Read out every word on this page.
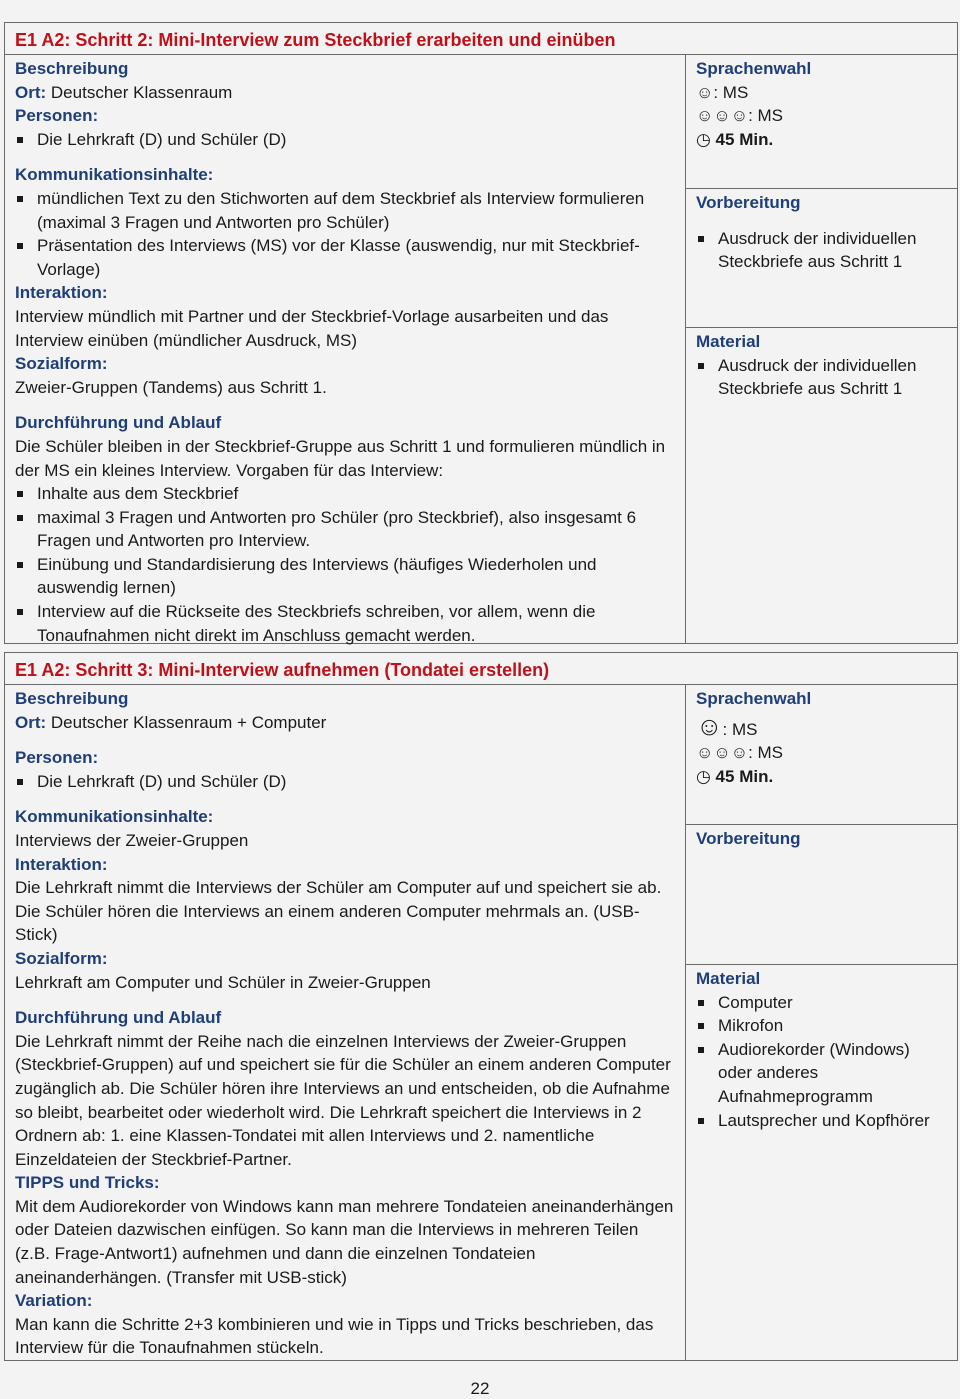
E1 A2: Schritt 2: Mini-Interview zum Steckbrief erarbeiten und einüben
Beschreibung
Ort: Deutscher Klassenraum
Personen:
Die Lehrkraft (D) und Schüler (D)
Kommunikationsinhalte:
mündlichen Text zu den Stichworten auf dem Steckbrief als Interview formulieren (maximal 3 Fragen und Antworten pro Schüler)
Präsentation des Interviews (MS) vor der Klasse (auswendig, nur mit Steckbrief-Vorlage)
Interaktion:
Interview mündlich mit Partner und der Steckbrief-Vorlage ausarbeiten und das Interview einüben (mündlicher Ausdruck, MS)
Sozialform:
Zweier-Gruppen (Tandems) aus Schritt 1.
Durchführung und Ablauf
Die Schüler bleiben in der Steckbrief-Gruppe aus Schritt 1 und formulieren mündlich in der MS ein kleines Interview. Vorgaben für das Interview:
Inhalte aus dem Steckbrief
maximal 3 Fragen und Antworten pro Schüler (pro Steckbrief), also insgesamt 6 Fragen und Antworten pro Interview.
Einübung und Standardisierung des Interviews (häufiges Wiederholen und auswendig lernen)
Interview auf die Rückseite des Steckbriefs schreiben, vor allem, wenn die Tonaufnahmen nicht direkt im Anschluss gemacht werden.
Sprachenwahl
☺: MS
☺☺☺: MS
◷ 45 Min.
Vorbereitung
Ausdruck der individuellen Steckbriefe aus Schritt 1
Material
Ausdruck der individuellen Steckbriefe aus Schritt 1
E1 A2: Schritt 3: Mini-Interview aufnehmen (Tondatei erstellen)
Beschreibung
Ort: Deutscher Klassenraum + Computer
Personen:
Die Lehrkraft (D) und Schüler (D)
Kommunikationsinhalte:
Interviews der Zweier-Gruppen
Interaktion:
Die Lehrkraft nimmt die Interviews der Schüler am Computer auf und speichert sie ab. Die Schüler hören die Interviews an einem anderen Computer mehrmals an. (USB-Stick)
Sozialform:
Lehrkraft am Computer und Schüler in Zweier-Gruppen
Durchführung und Ablauf
Die Lehrkraft nimmt der Reihe nach die einzelnen Interviews der Zweier-Gruppen (Steckbrief-Gruppen) auf und speichert sie für die Schüler an einem anderen Computer zugänglich ab. Die Schüler hören ihre Interviews an und entscheiden, ob die Aufnahme so bleibt, bearbeitet oder wiederholt wird. Die Lehrkraft speichert die Interviews in 2 Ordnern ab: 1. eine Klassen-Tondatei mit allen Interviews und 2. namentliche Einzeldateien der Steckbrief-Partner.
TIPPS und Tricks:
Mit dem Audiorekorder von Windows kann man mehrere Tondateien aneinanderhängen oder Dateien dazwischen einfügen. So kann man die Interviews in mehreren Teilen (z.B. Frage-Antwort1) aufnehmen und dann die einzelnen Tondateien aneinanderhängen. (Transfer mit USB-stick)
Variation:
Man kann die Schritte 2+3 kombinieren und wie in Tipps und Tricks beschrieben, das Interview für die Tonaufnahmen stückeln.
Sprachenwahl
☺: MS
☺☺☺: MS
◷ 45 Min.
Vorbereitung
Material
Computer
Mikrofon
Audiorekorder (Windows) oder anderes Aufnahmeprogramm
Lautsprecher und Kopfhörer
22
